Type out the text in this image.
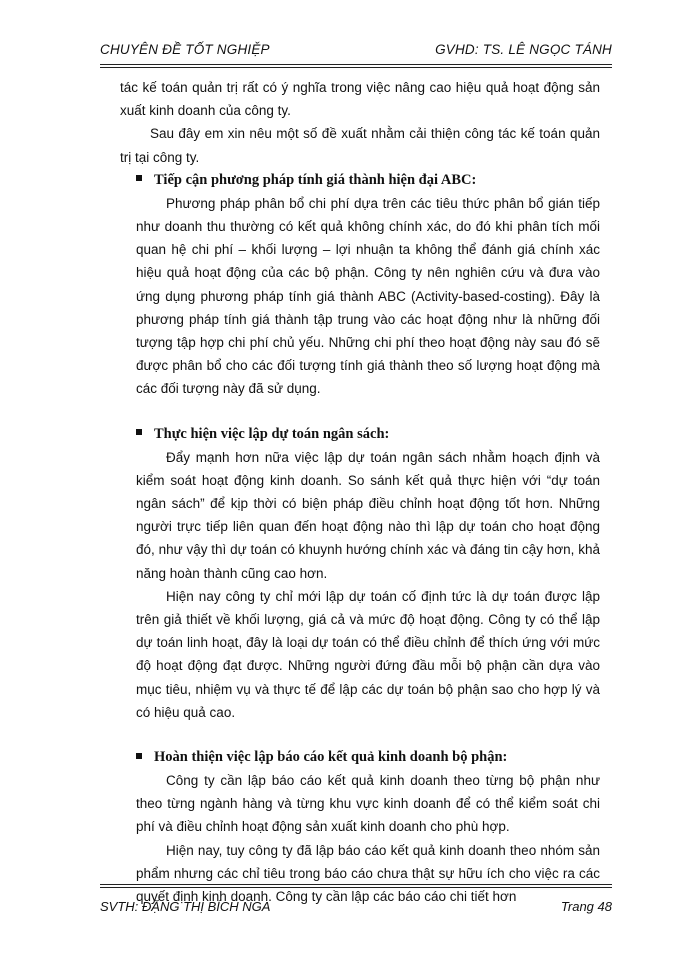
CHUYÊN ĐỀ TỐT NGHIỆP	GVHD: TS. LÊ NGỌC TÁNH

tác kế toán quản trị rất có ý nghĩa trong việc nâng cao hiệu quả hoạt động sản xuất kinh doanh của công ty.

Sau đây em xin nêu một số đề xuất nhằm cải thiện công tác kế toán quản trị tại công ty.

Tiếp cận phương pháp tính giá thành hiện đại ABC:

Phương pháp phân bổ chi phí dựa trên các tiêu thức phân bổ gián tiếp như doanh thu thường có kết quả không chính xác, do đó khi phân tích mối quan hệ chi phí – khối lượng – lợi nhuận ta không thể đánh giá chính xác hiệu quả hoạt động của các bộ phận. Công ty nên nghiên cứu và đưa vào ứng dụng phương pháp tính giá thành ABC (Activity-based-costing). Đây là phương pháp tính giá thành tập trung vào các hoạt động như là những đối tượng tập hợp chi phí chủ yếu. Những chi phí theo hoạt động này sau đó sẽ được phân bổ cho các đối tượng tính giá thành theo số lượng hoạt động mà các đối tượng này đã sử dụng.

Thực hiện việc lập dự toán ngân sách:

Đẩy mạnh hơn nữa việc lập dự toán ngân sách nhằm hoạch định và kiểm soát hoạt động kinh doanh. So sánh kết quả thực hiện với “dự toán ngân sách” để kịp thời có biện pháp điều chỉnh hoạt động tốt hơn. Những người trực tiếp liên quan đến hoạt động nào thì lập dự toán cho hoạt động đó, như vậy thì dự toán có khuynh hướng chính xác và đáng tin cậy hơn, khả năng hoàn thành cũng cao hơn.

Hiện nay công ty chỉ mới lập dự toán cố định tức là dự toán được lập trên giả thiết về khối lượng, giá cả và mức độ hoạt động. Công ty có thể lập dự toán linh hoạt, đây là loại dự toán có thể điều chỉnh để thích ứng với mức độ hoạt động đạt được. Những người đứng đầu mỗi bộ phận cần dựa vào mục tiêu, nhiệm vụ và thực tế để lập các dự toán bộ phận sao cho hợp lý và có hiệu quả cao.

Hoàn thiện việc lập báo cáo kết quả kinh doanh bộ phận:

Công ty cần lập báo cáo kết quả kinh doanh theo từng bộ phận như theo từng ngành hàng và từng khu vực kinh doanh để có thể kiểm soát chi phí và điều chỉnh hoạt động sản xuất kinh doanh cho phù hợp.

Hiện nay, tuy công ty đã lập báo cáo kết quả kinh doanh theo nhóm sản phẩm nhưng các chỉ tiêu trong báo cáo chưa thật sự hữu ích cho việc ra các quyết định kinh doanh. Công ty cần lập các báo cáo chi tiết hơn

SVTH: ĐẶNG THỊ BÍCH NGA	Trang 48
